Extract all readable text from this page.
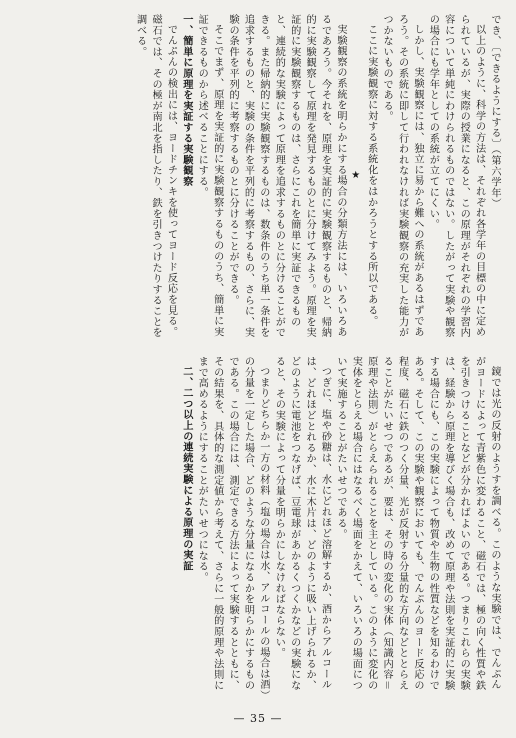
でき、〔できるようにする〕（第六学年）

以上のように、科学の方法は、それぞれ各学年の目標の中に定められているが、実際の授業になると、この原理がそれぞれの学習内容について単純にわけられるものではない。したがって実験や観察の場合にも学年としての系統が立てにくい。

しかし、実験観察には、独立に易から難への系統があるはずであろう。その系統に即して行われなければ実験観察の充実した能力がつかないものである。

ここに実験観察に対する系統化をはかろうとする所以である。

★

実験観察の系統を明らかにする場合の分類方法には、いろいろあるであろう。今それを、原理を実証的に実験観察するものと、帰納的に実験観察して原理を発見するものとに分けてみよう。原理を実証的に実験観察するものは、さらにこれを簡単に実証できるものと、連続的な実験によって原理を追求するものとに分けることができる。また帰納的に実験観察するものは、数条件のうち単一条件を追求するものと、実験の条件を平列的に考察するもの、さらに、実験の条件を平列的に考察するものとに分けることができる。

そこでまず、原理を実証的に実験観察するもののうち、簡単に実証できるものから述べることにする。

一、簡単に原理を実証する実験観察

でんぷんの検出には、ヨードチンキを使ってヨード反応を見る。磁石では、その極が南北を指したり、鉄を引きつけたりすることを調べる。

鏡では光の反射のようすを調べる。このような実験では、でんぷんがヨードによって青紫色に変わること、磁石では、極の向く性質や鉄を引きつけることなどが分かればよいのである。つまりこれらの実験は、経験から原理を導びく場合も、改めて原理や法則を実証的に実験する場合にも、この実験によって物質や生物の性質などを知るわけである。そして、この実験や観察においても、でんぷんのヨード反応の程度、磁石に鉄のつく分量、光が反射する分量的な方向などととらえることがたいせつであるが、要は、その時の変化の実体（知識内容＝原理や法則）がとらえられることを主としている。このように変化の実体をとらえる場合にはなるべく場面をかえて、いろいろの場面について実施することがたいせつである。

つぎに、塩や砂糖は、水にどれほど溶解するか、酒からアルコールは、どれほどとれるか、水に木片は、どのように吸い上げられるか、どのように電池をつなげば、豆電球があかるくつくかなどの実験になると、その実験によって分量を明らかにしなければならない。

つまりどちらか一方の材料（塩の場合は水、アルコールの場合は酒）の分量を一定した場合、どのような分量になるかを明らかにするものである。この場合には、測定できる方法によって実験するとともに、その結果を、具体的な測定値から考えて、さらに一般的原理や法則にまで高めるようにすることがたいせつになる。

二、二つ以上の連続実験による原理の実証

— 35 —
